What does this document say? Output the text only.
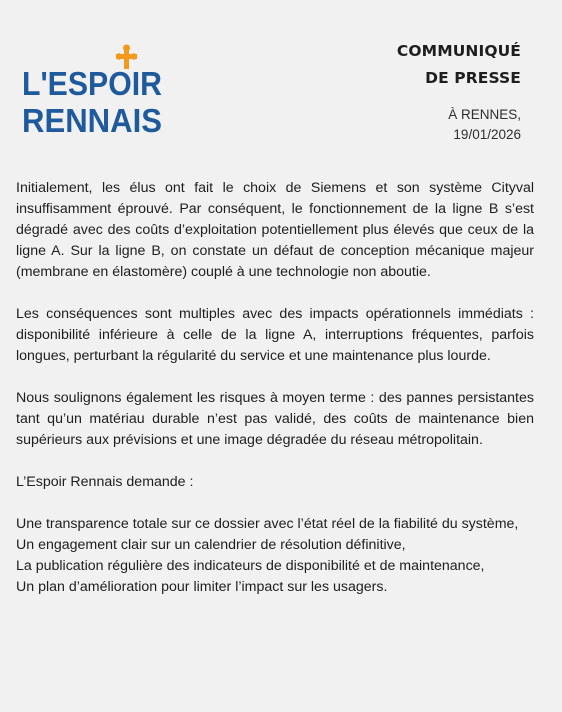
L'ESPOIR
RENNAIS
COMMUNIQUÉ
DE PRESSE
À RENNES,
19/01/2026

Initialement, les élus ont fait le choix de Siemens et son système Cityval insuffisamment éprouvé. Par conséquent, le fonctionnement de la ligne B s’est dégradé avec des coûts d’exploitation potentiellement plus élevés que ceux de la ligne A. Sur la ligne B, on constate un défaut de conception mécanique majeur (membrane en élastomère) couplé à une technologie non aboutie.

Les conséquences sont multiples avec des impacts opérationnels immédiats : disponibilité inférieure à celle de la ligne A, interruptions fréquentes, parfois longues, perturbant la régularité du service et une maintenance plus lourde.

Nous soulignons également les risques à moyen terme : des pannes persistantes tant qu’un matériau durable n’est pas validé, des coûts de maintenance bien supérieurs aux prévisions et une image dégradée du réseau métropolitain.

L’Espoir Rennais demande :

Une transparence totale sur ce dossier avec l’état réel de la fiabilité du système,

Un engagement clair sur un calendrier de résolution définitive,

La publication régulière des indicateurs de disponibilité et de maintenance,

Un plan d’amélioration pour limiter l’impact sur les usagers.
